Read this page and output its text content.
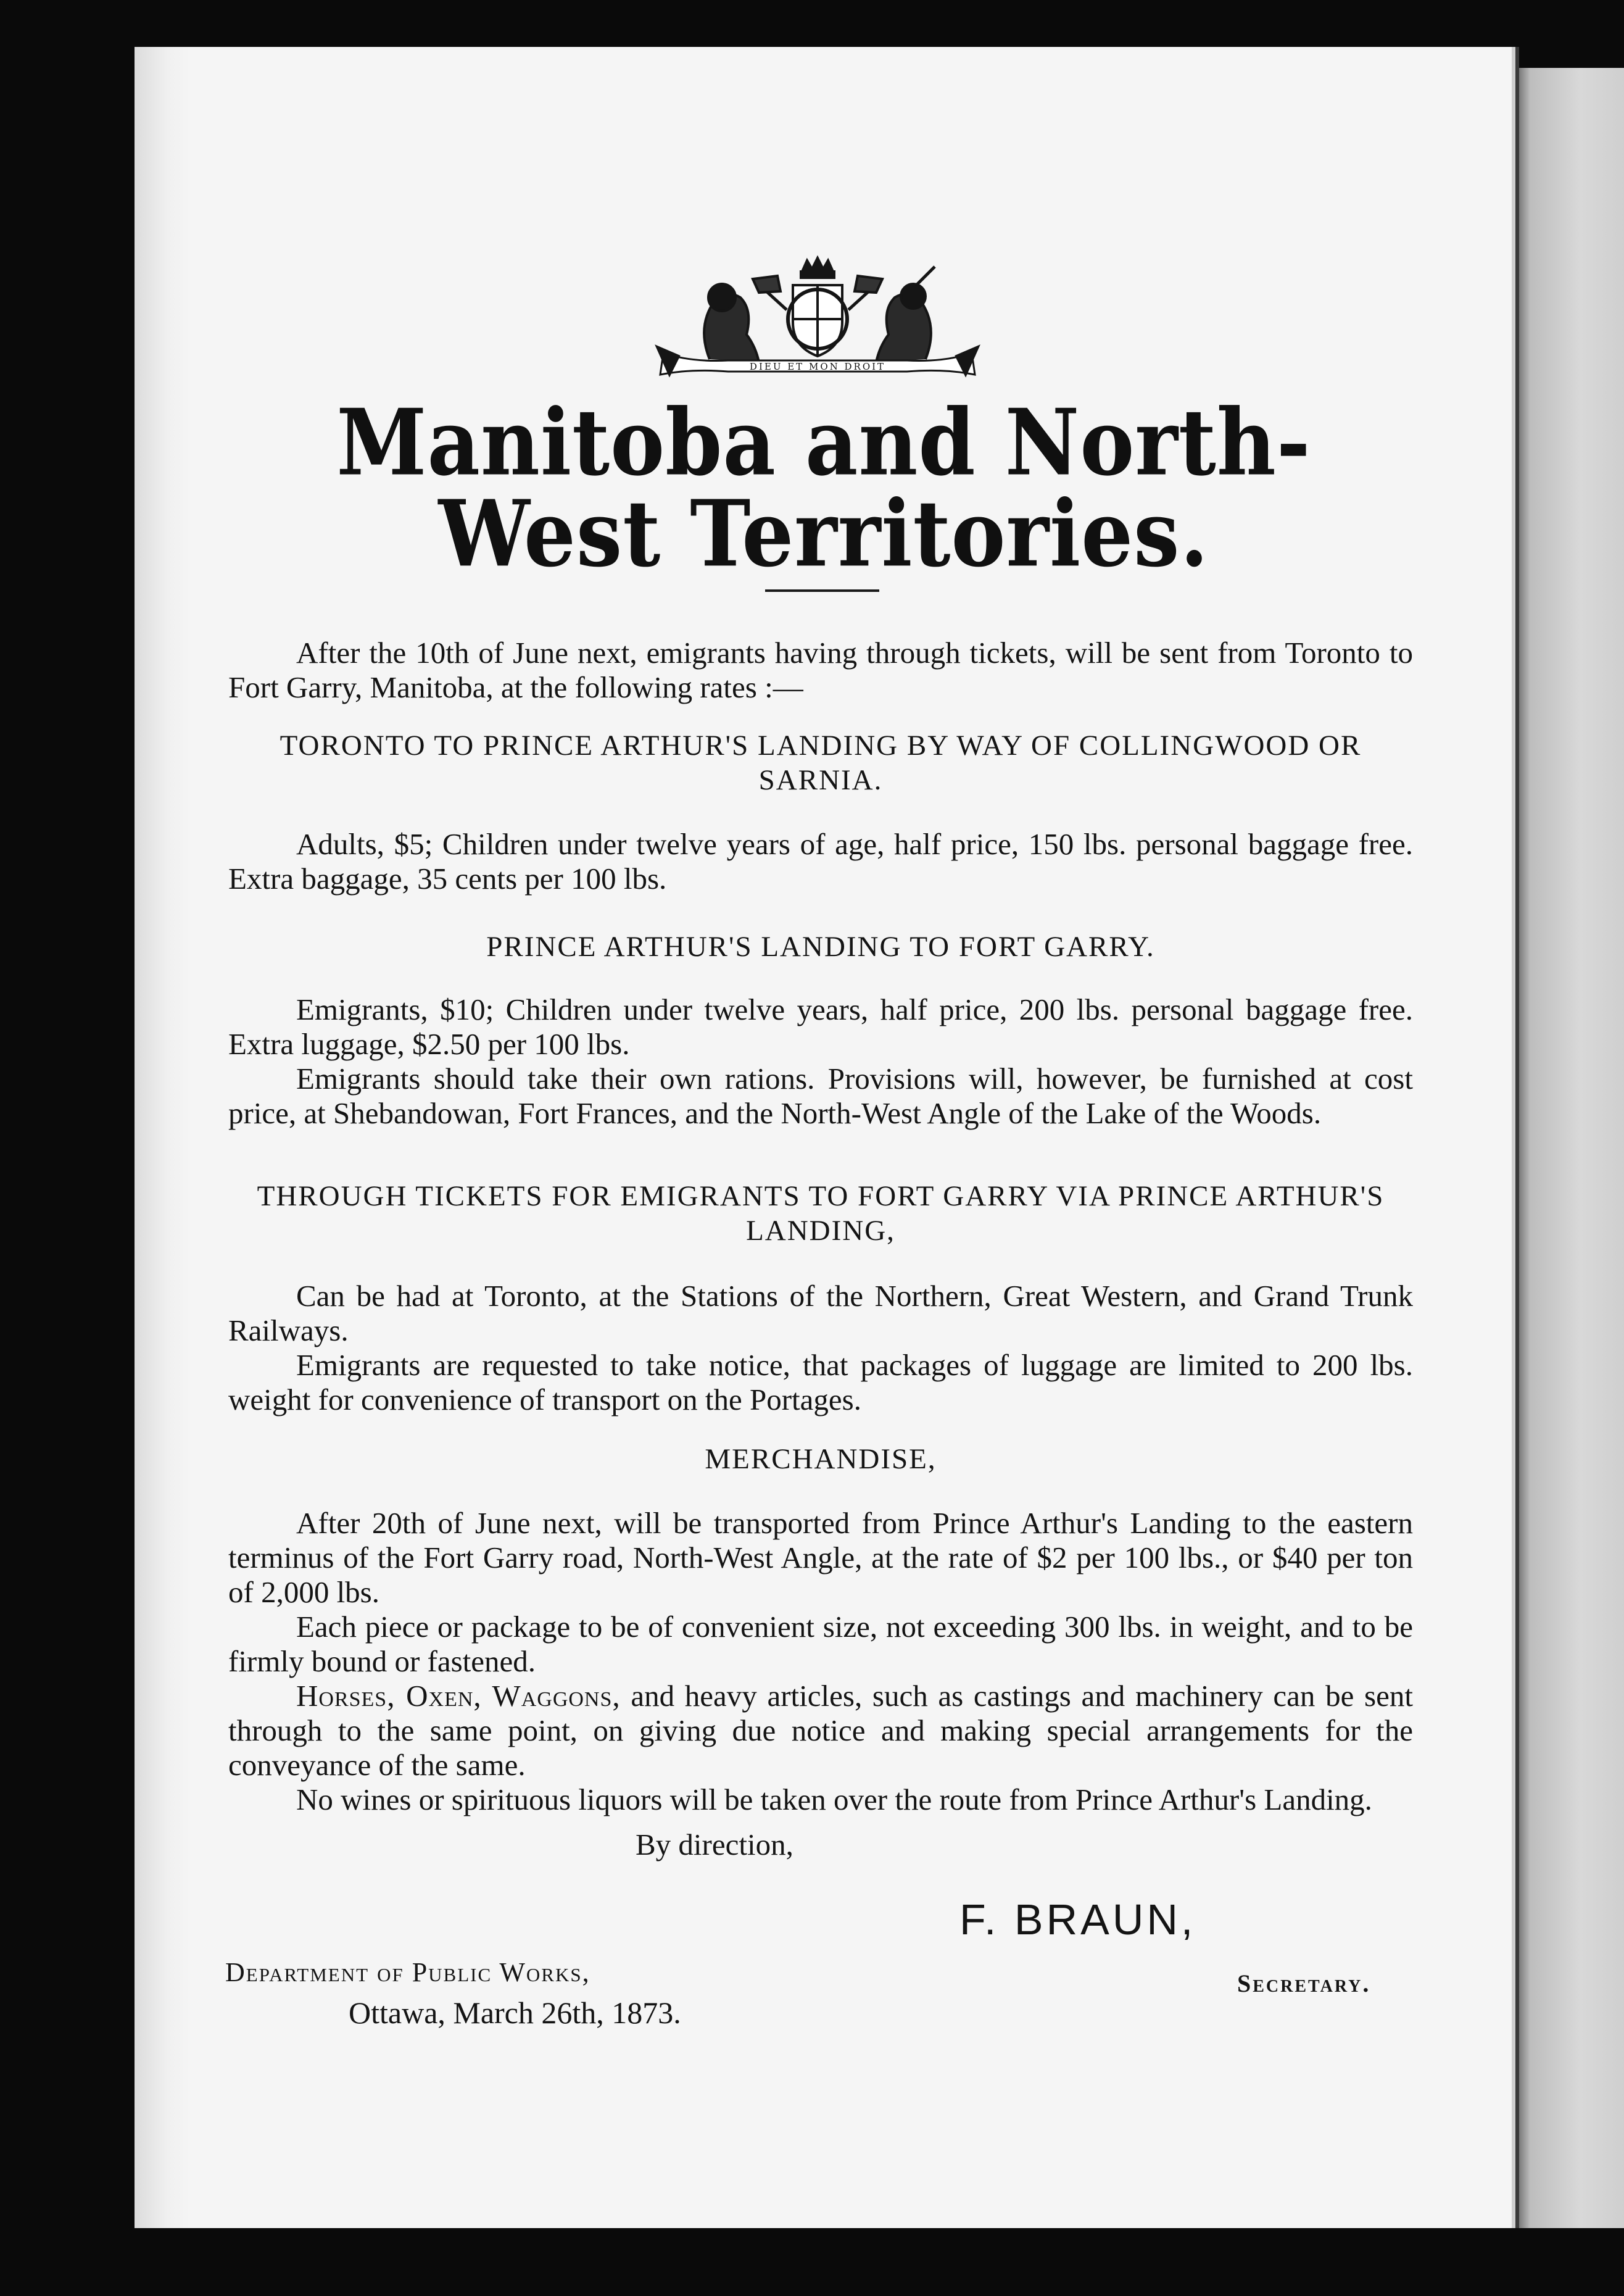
DIEU ET MON DROIT
Manitoba and North-West Territories.

After the 10th of June next, emigrants having through tickets, will be sent from Toronto to Fort Garry, Manitoba, at the following rates :—

TORONTO TO PRINCE ARTHUR'S LANDING BY WAY OF COLLINGWOOD OR SARNIA.

Adults, $5; Children under twelve years of age, half price, 150 lbs. personal baggage free. Extra baggage, 35 cents per 100 lbs.

PRINCE ARTHUR'S LANDING TO FORT GARRY.

Emigrants, $10; Children under twelve years, half price, 200 lbs. personal baggage free. Extra luggage, $2.50 per 100 lbs.

Emigrants should take their own rations. Provisions will, however, be furnished at cost price, at Shebandowan, Fort Frances, and the North-West Angle of the Lake of the Woods.

THROUGH TICKETS FOR EMIGRANTS TO FORT GARRY VIA PRINCE ARTHUR'S LANDING,

Can be had at Toronto, at the Stations of the Northern, Great Western, and Grand Trunk Railways.

Emigrants are requested to take notice, that packages of luggage are limited to 200 lbs. weight for convenience of transport on the Portages.

MERCHANDISE,

After 20th of June next, will be transported from Prince Arthur's Landing to the eastern terminus of the Fort Garry road, North-West Angle, at the rate of $2 per 100 lbs., or $40 per ton of 2,000 lbs.

Each piece or package to be of convenient size, not exceeding 300 lbs. in weight, and to be firmly bound or fastened.

Horses, Oxen, Waggons, and heavy articles, such as castings and machinery can be sent through to the same point, on giving due notice and making special arrangements for the conveyance of the same.

No wines or spirituous liquors will be taken over the route from Prince Arthur's Landing.

By direction,
F. BRAUN,
Department of Public Works,
Ottawa, March 26th, 1873.
Secretary.
